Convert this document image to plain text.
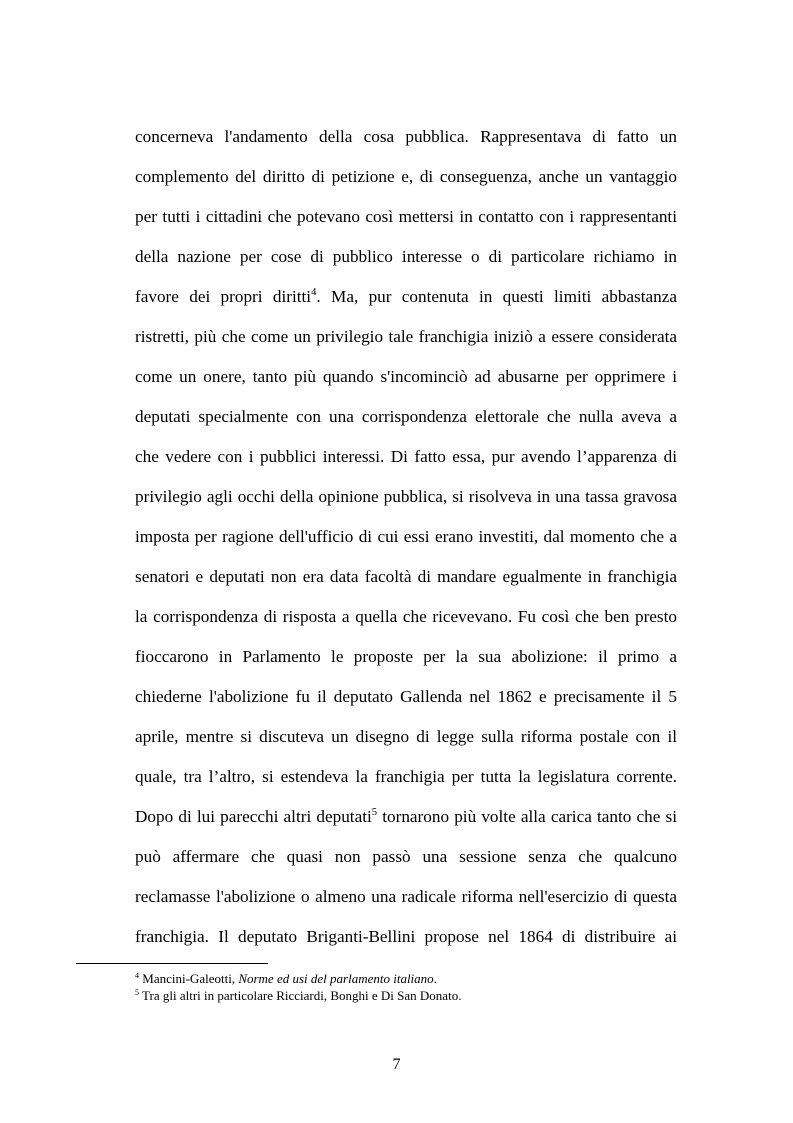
concerneva l'andamento della cosa pubblica. Rappresentava di fatto un
complemento del diritto di petizione e, di conseguenza, anche un vantaggio
per tutti i cittadini che potevano così mettersi in contatto con i rappresentanti
della nazione per cose di pubblico interesse o di particolare richiamo in
favore dei propri diritti$^4$. Ma, pur contenuta in questi limiti abbastanza
ristretti, più che come un privilegio tale franchigia iniziò a essere considerata
come un onere, tanto più quando s'incominciò ad abusarne per opprimere i
deputati specialmente con una corrispondenza elettorale che nulla aveva a
che vedere con i pubblici interessi. Di fatto essa, pur avendo l’apparenza di
privilegio agli occhi della opinione pubblica, si risolveva in una tassa gravosa
imposta per ragione dell'ufficio di cui essi erano investiti, dal momento che a
senatori e deputati non era data facoltà di mandare egualmente in franchigia
la corrispondenza di risposta a quella che ricevevano. Fu così che ben presto
fioccarono in Parlamento le proposte per la sua abolizione: il primo a
chiederne l'abolizione fu il deputato Gallenda nel 1862 e precisamente il 5
aprile, mentre si discuteva un disegno di legge sulla riforma postale con il
quale, tra l’altro, si estendeva la franchigia per tutta la legislatura corrente.
Dopo di lui parecchi altri deputati$^5$ tornarono più volte alla carica tanto che si
può affermare che quasi non passò una sessione senza che qualcuno
reclamasse l'abolizione o almeno una radicale riforma nell'esercizio di questa
franchigia. Il deputato Briganti-Bellini propose nel 1864 di distribuire ai
$^4$ Mancini-Galeotti, Norme ed usi del parlamento italiano.
$^5$ Tra gli altri in particolare Ricciardi, Bonghi e Di San Donato.
7
